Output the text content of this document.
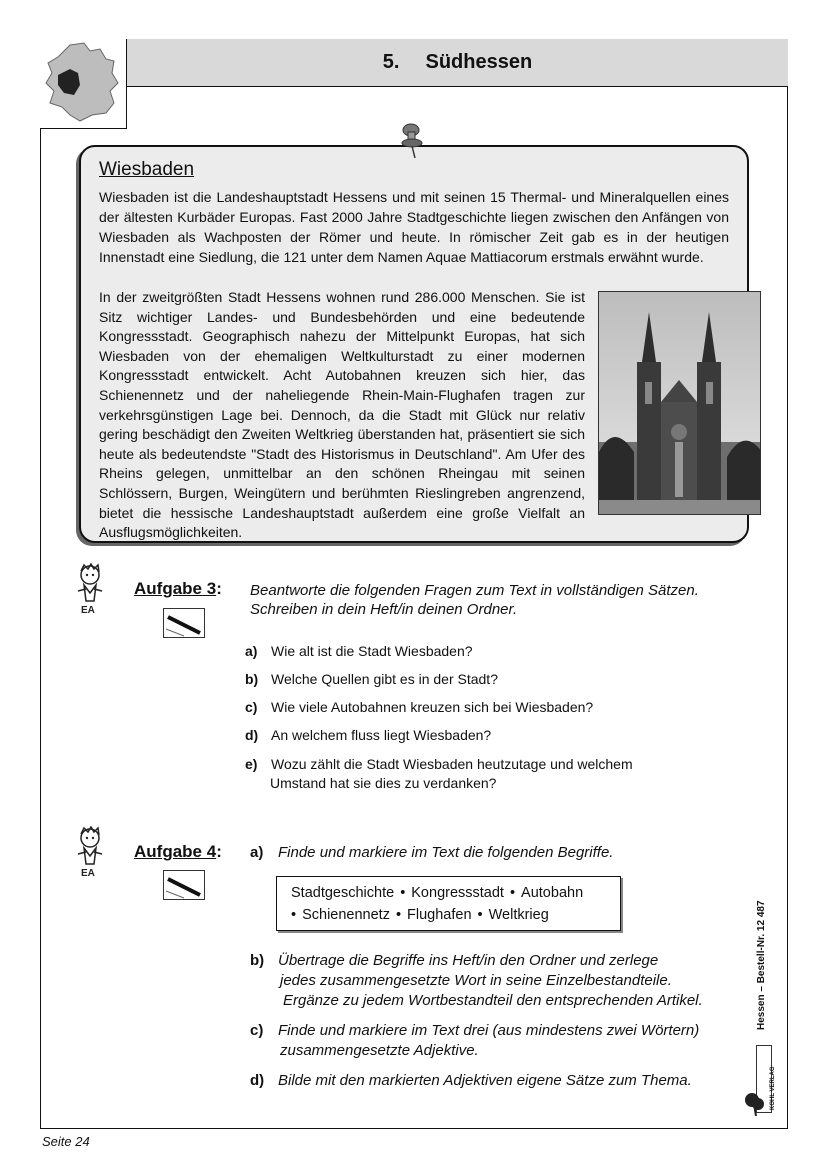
5. Südhessen
Wiesbaden

Wiesbaden ist die Landeshauptstadt Hessens und mit seinen 15 Thermal- und Mineralquellen eines der ältesten Kurbäder Europas. Fast 2000 Jahre Stadtgeschichte liegen zwischen den Anfängen von Wiesbaden als Wachposten der Römer und heute. In römischer Zeit gab es in der heutigen Innenstadt eine Siedlung, die 121 unter dem Namen Aquae Mattiacorum erstmals erwähnt wurde.

In der zweitgrößten Stadt Hessens wohnen rund 286.000 Menschen. Sie ist Sitz wichtiger Landes- und Bundesbehörden und eine bedeutende Kongressstadt. Geographisch nahezu der Mittelpunkt Europas, hat sich Wiesbaden von der ehemaligen Weltkulturstadt zu einer modernen Kongressstadt entwickelt. Acht Autobahnen kreuzen sich hier, das Schienennetz und der naheliegende Rhein-Main-Flughafen tragen zur verkehrsgünstigen Lage bei. Dennoch, da die Stadt mit Glück nur relativ gering beschädigt den Zweiten Weltkrieg überstanden hat, präsentiert sie sich heute als bedeutendste "Stadt des Historismus in Deutschland". Am Ufer des Rheins gelegen, unmittelbar an den schönen Rheingau mit seinen Schlössern, Burgen, Weingütern und berühmten Rieslingreben angrenzend, bietet die hessische Landeshauptstadt außerdem eine große Vielfalt an Ausflugsmöglichkeiten.

EA
Aufgabe 3: Beantworte die folgenden Fragen zum Text in vollständigen Sätzen.
Schreiben in dein Heft/in deinen Ordner.
a) Wie alt ist die Stadt Wiesbaden?
b) Welche Quellen gibt es in der Stadt?
c) Wie viele Autobahnen kreuzen sich bei Wiesbaden?
d) An welchem fluss liegt Wiesbaden?
e) Wozu zählt die Stadt Wiesbaden heutzutage und welchem
Umstand hat sie dies zu verdanken?
EA
Aufgabe 4: a) Finde und markiere im Text die folgenden Begriffe.
Stadtgeschichte • Kongressstadt • Autobahn
• Schienennetz • Flughafen • Weltkrieg
b) Übertrage die Begriffe ins Heft/in den Ordner und zerlege
jedes zusammengesetzte Wort in seine Einzelbestandteile.
Ergänze zu jedem Wortbestandteil den entsprechenden Artikel.
c) Finde und markiere im Text drei (aus mindestens zwei Wörtern)
zusammengesetzte Adjektive.
d) Bilde mit den markierten Adjektiven eigene Sätze zum Thema.
Hessen – Bestell-Nr. 12 487
KOHL VERLAG
Seite 24
